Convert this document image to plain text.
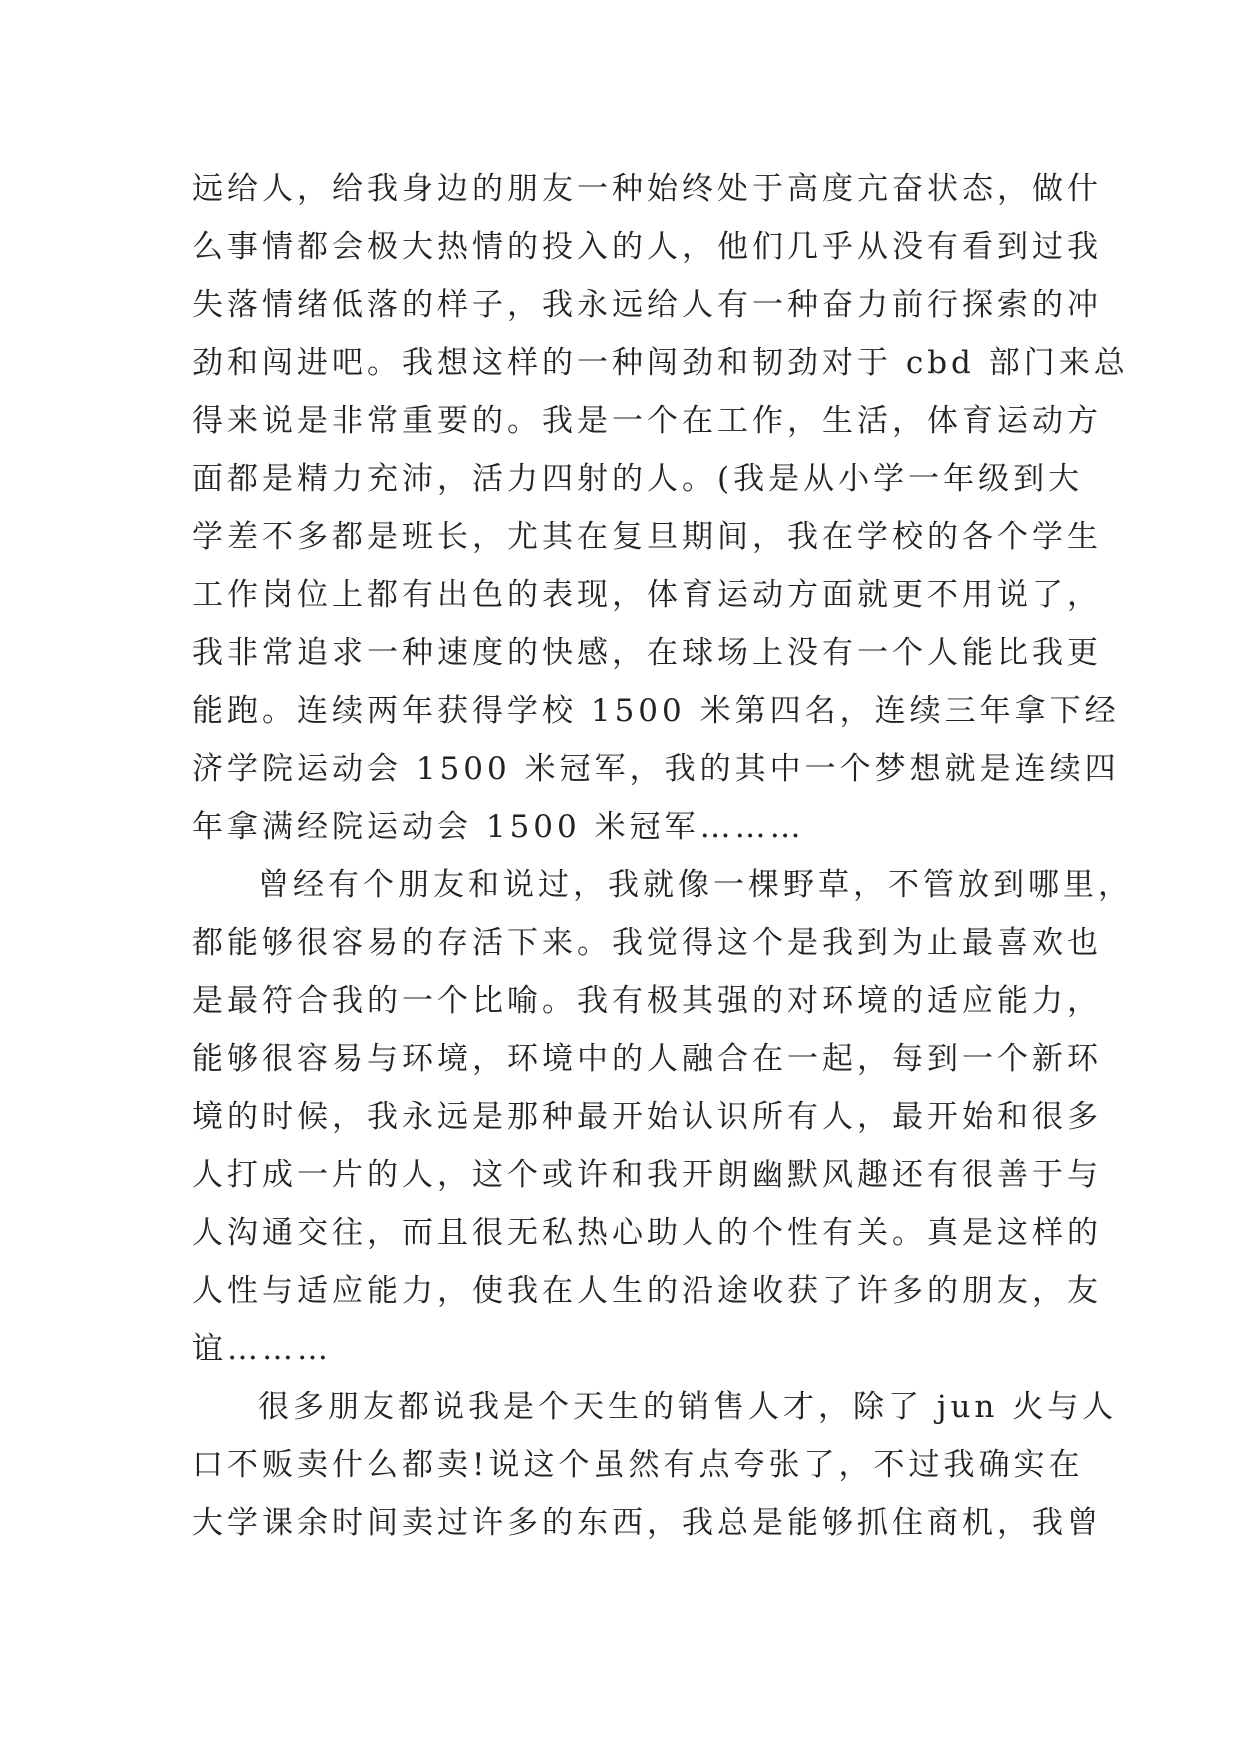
远给人，给我身边的朋友一种始终处于高度亢奋状态，做什
么事情都会极大热情的投入的人，他们几乎从没有看到过我
失落情绪低落的样子，我永远给人有一种奋力前行探索的冲
劲和闯进吧。我想这样的一种闯劲和韧劲对于 cbd 部门来总
得来说是非常重要的。我是一个在工作，生活，体育运动方
面都是精力充沛，活力四射的人。(我是从小学一年级到大
学差不多都是班长，尤其在复旦期间，我在学校的各个学生
工作岗位上都有出色的表现，体育运动方面就更不用说了，
我非常追求一种速度的快感，在球场上没有一个人能比我更
能跑。连续两年获得学校 1500 米第四名，连续三年拿下经
济学院运动会 1500 米冠军，我的其中一个梦想就是连续四
年拿满经院运动会 1500 米冠军………
曾经有个朋友和说过，我就像一棵野草，不管放到哪里，
都能够很容易的存活下来。我觉得这个是我到为止最喜欢也
是最符合我的一个比喻。我有极其强的对环境的适应能力，
能够很容易与环境，环境中的人融合在一起，每到一个新环
境的时候，我永远是那种最开始认识所有人，最开始和很多
人打成一片的人，这个或许和我开朗幽默风趣还有很善于与
人沟通交往，而且很无私热心助人的个性有关。真是这样的
人性与适应能力，使我在人生的沿途收获了许多的朋友，友
谊………
很多朋友都说我是个天生的销售人才，除了 jun 火与人
口不贩卖什么都卖!说这个虽然有点夸张了，不过我确实在
大学课余时间卖过许多的东西，我总是能够抓住商机，我曾
